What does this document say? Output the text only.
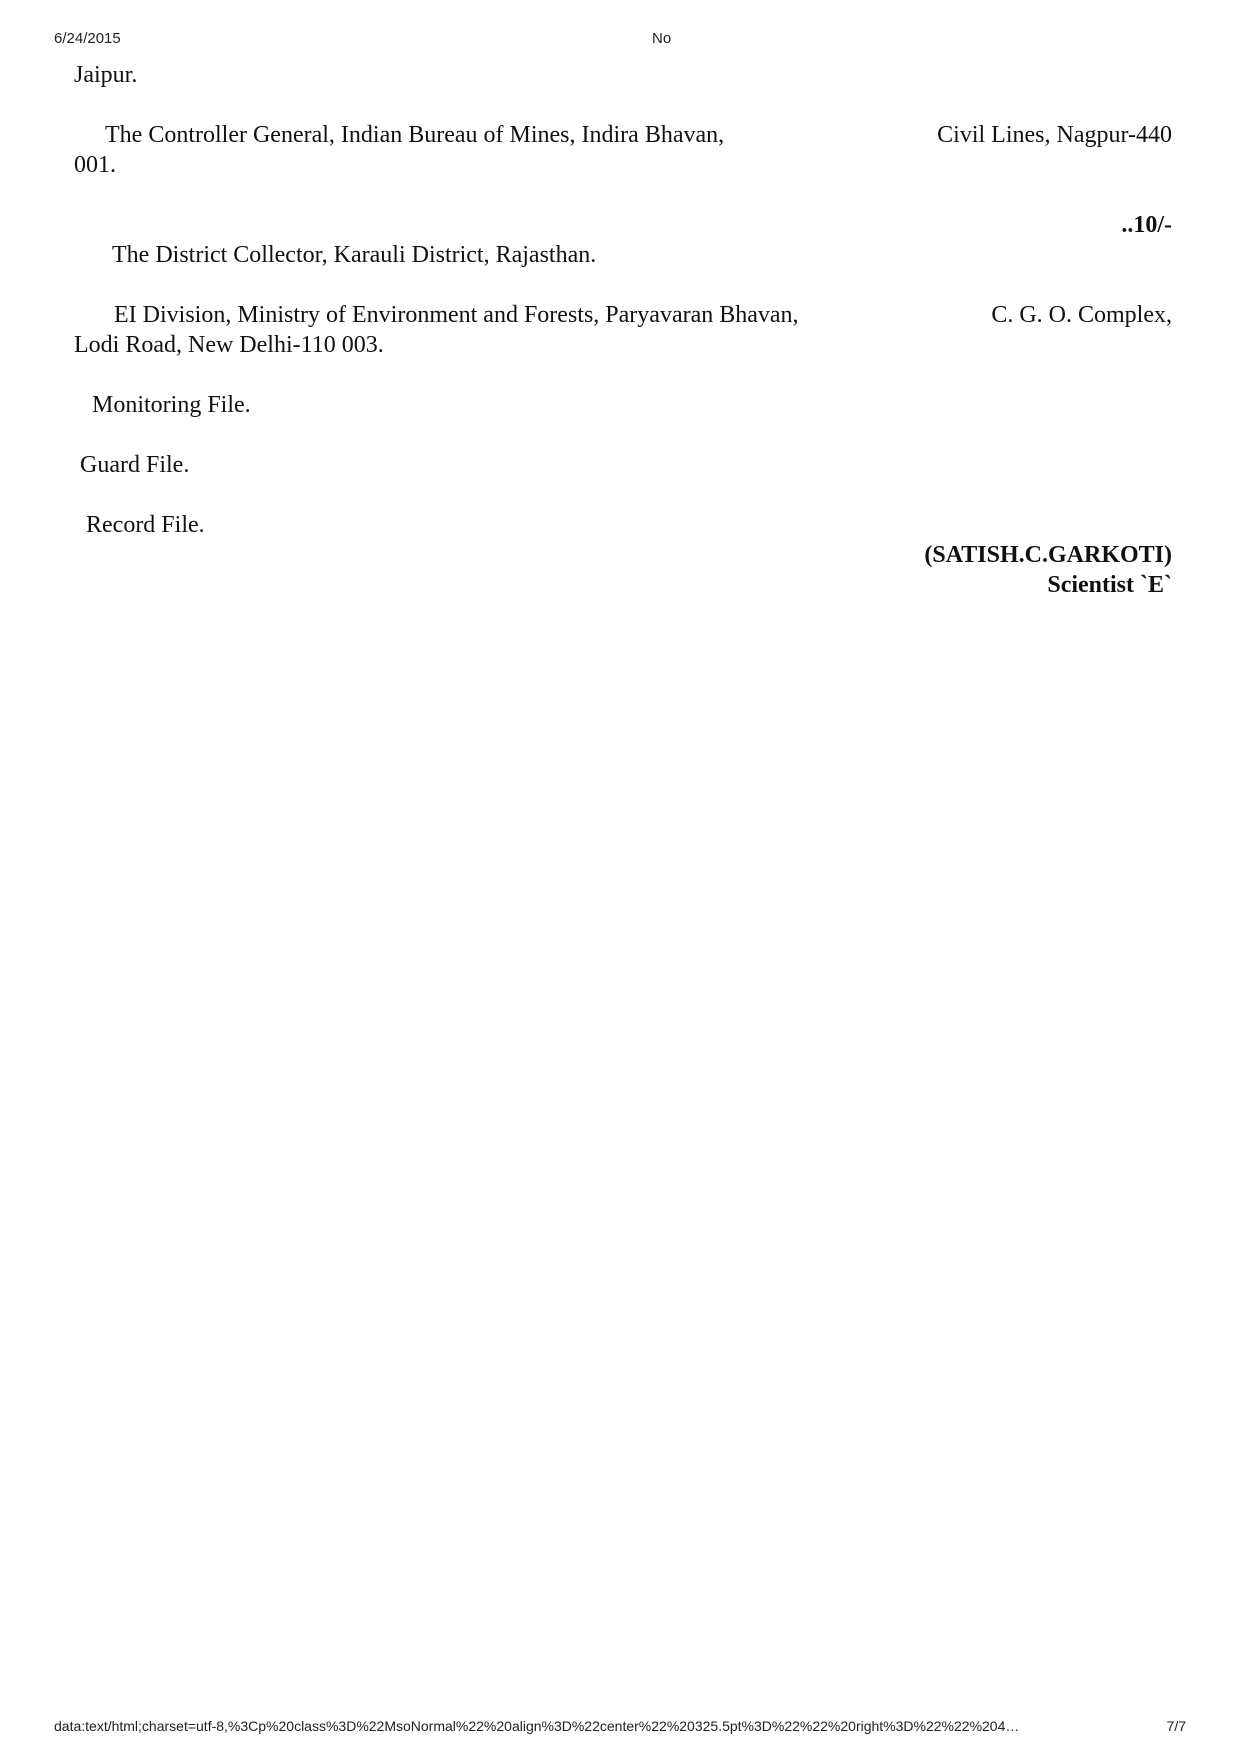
6/24/2015	No
Jaipur.
The Controller General, Indian Bureau of Mines, Indira Bhavan,	Civil Lines, Nagpur-440
001.
..10/-
The District Collector, Karauli District, Rajasthan.
EI Division, Ministry of Environment and Forests, Paryavaran Bhavan,	C. G. O. Complex,
Lodi Road, New Delhi-110 003.
Monitoring File.
Guard File.
Record File.
(SATISH.C.GARKOTI)
Scientist `E`
data:text/html;charset=utf-8,%3Cp%20class%3D%22MsoNormal%22%20align%3D%22center%22%20325.5pt%3D%22%22%20right%3D%22%22%204…	7/7
